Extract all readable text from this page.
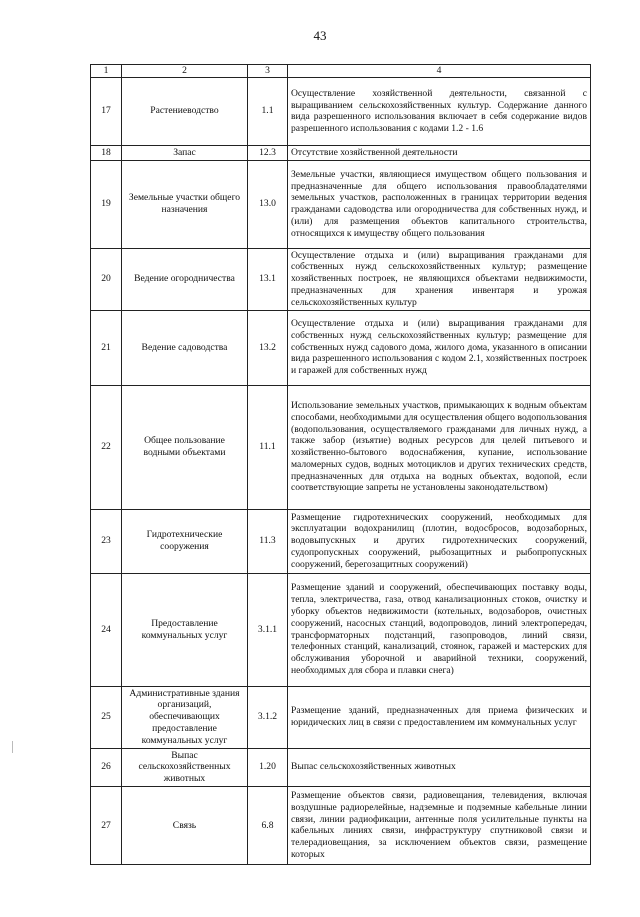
43
1	2	3	4
17	Растениеводство	1.1	Осуществление хозяйственной деятельности, связанной с выращиванием сельскохозяйственных культур. Содержание данного вида разрешенного использования включает в себя содержание видов разрешенного использования с кодами 1.2 - 1.6
18	Запас	12.3	Отсутствие хозяйственной деятельности
19	Земельные участки общего назначения	13.0	Земельные участки, являющиеся имуществом общего пользования и предназначенные для общего использования правообладателями земельных участков, расположенных в границах территории ведения гражданами садоводства или огородничества для собственных нужд, и (или) для размещения объектов капитального строительства, относящихся к имуществу общего пользования
20	Ведение огородничества	13.1	Осуществление отдыха и (или) выращивания гражданами для собственных нужд сельскохозяйственных культур; размещение хозяйственных построек, не являющихся объектами недвижимости, предназначенных для хранения инвентаря и урожая сельскохозяйственных культур
21	Ведение садоводства	13.2	Осуществление отдыха и (или) выращивания гражданами для собственных нужд сельскохозяйственных культур; размещение для собственных нужд садового дома, жилого дома, указанного в описании вида разрешенного использования с кодом 2.1, хозяйственных построек и гаражей для собственных нужд
22	Общее пользование водными объектами	11.1	Использование земельных участков, примыкающих к водным объектам способами, необходимыми для осуществления общего водопользования (водопользования, осуществляемого гражданами для личных нужд, а также забор (изъятие) водных ресурсов для целей питьевого и хозяйственно-бытового водоснабжения, купание, использование маломерных судов, водных мотоциклов и других технических средств, предназначенных для отдыха на водных объектах, водопой, если соответствующие запреты не установлены законодательством)
23	Гидротехнические сооружения	11.3	Размещение гидротехнических сооружений, необходимых для эксплуатации водохранилищ (плотин, водосбросов, водозаборных, водовыпускных и других гидротехнических сооружений, судопропускных сооружений, рыбозащитных и рыбопропускных сооружений, берегозащитных сооружений)
24	Предоставление коммунальных услуг	3.1.1	Размещение зданий и сооружений, обеспечивающих поставку воды, тепла, электричества, газа, отвод канализационных стоков, очистку и уборку объектов недвижимости (котельных, водозаборов, очистных сооружений, насосных станций, водопроводов, линий электропередач, трансформаторных подстанций, газопроводов, линий связи, телефонных станций, канализаций, стоянок, гаражей и мастерских для обслуживания уборочной и аварийной техники, сооружений, необходимых для сбора и плавки снега)
25	Административные здания организаций, обеспечивающих предоставление коммунальных услуг	3.1.2	Размещение зданий, предназначенных для приема физических и юридических лиц в связи с предоставлением им коммунальных услуг
26	Выпас сельскохозяйственных животных	1.20	Выпас сельскохозяйственных животных
27	Связь	6.8	Размещение объектов связи, радиовещания, телевидения, включая воздушные радиорелейные, надземные и подземные кабельные линии связи, линии радиофикации, антенные поля усилительные пункты на кабельных линиях связи, инфраструктуру спутниковой связи и телерадиовещания, за исключением объектов связи, размещение которых
